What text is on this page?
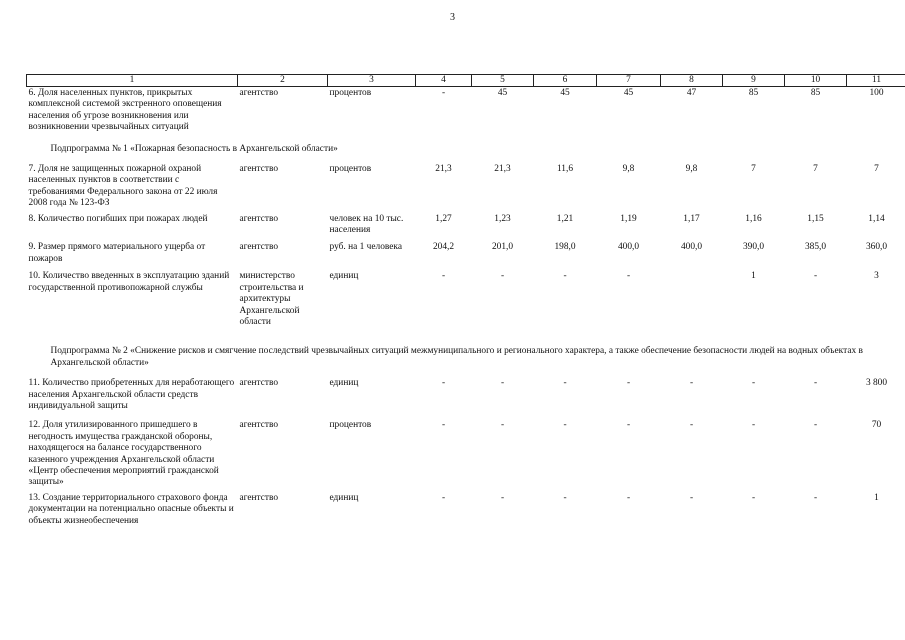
3
1	2	3	4	5	6	7	8	9	10	11
6. Доля населенных пунктов, прикрытых комплексной системой экстренного оповещения населения об угрозе возникновения или возникновении чрезвычайных ситуаций	агентство	процентов	-	45	45	45	47	85	85	100
Подпрограмма № 1 «Пожарная безопасность в Архангельской области»										
7. Доля не защищенных пожарной охраной населенных пунктов в соответствии с требованиями Федерального закона от 22 июля 2008 года № 123-ФЗ	агентство	процентов	21,3	21,3	11,6	9,8	9,8	7	7	7
8. Количество погибших при пожарах людей	агентство	человек на 10 тыс. населения	1,27	1,23	1,21	1,19	1,17	1,16	1,15	1,14
9. Размер прямого материального ущерба от пожаров	агентство	руб. на 1 человека	204,2	201,0	198,0	400,0	400,0	390,0	385,0	360,0
10. Количество введенных в эксплуатацию зданий государственной противопожарной службы	министерство строительства и архитектуры Архангельской области	единиц	-	-	-	-		1	-	3
Подпрограмма № 2 «Снижение рисков и смягчение последствий чрезвычайных ситуаций межмуниципального и регионального характера, а также обеспечение безопасности людей на водных объектах в Архангельской области»										
11. Количество приобретенных для неработающего населения Архангельской области средств индивидуальной защиты	агентство	единиц	-	-	-	-	-	-	-	3 800
12. Доля утилизированного пришедшего в негодность имущества гражданской обороны, находящегося на балансе государственного казенного учреждения Архангельской области «Центр обеспечения мероприятий гражданской защиты»	агентство	процентов	-	-	-	-	-	-	-	70
13. Создание территориального страхового фонда документации на потенциально опасные объекты и объекты жизнеобеспечения	агентство	единиц	-	-	-	-	-	-	-	1
